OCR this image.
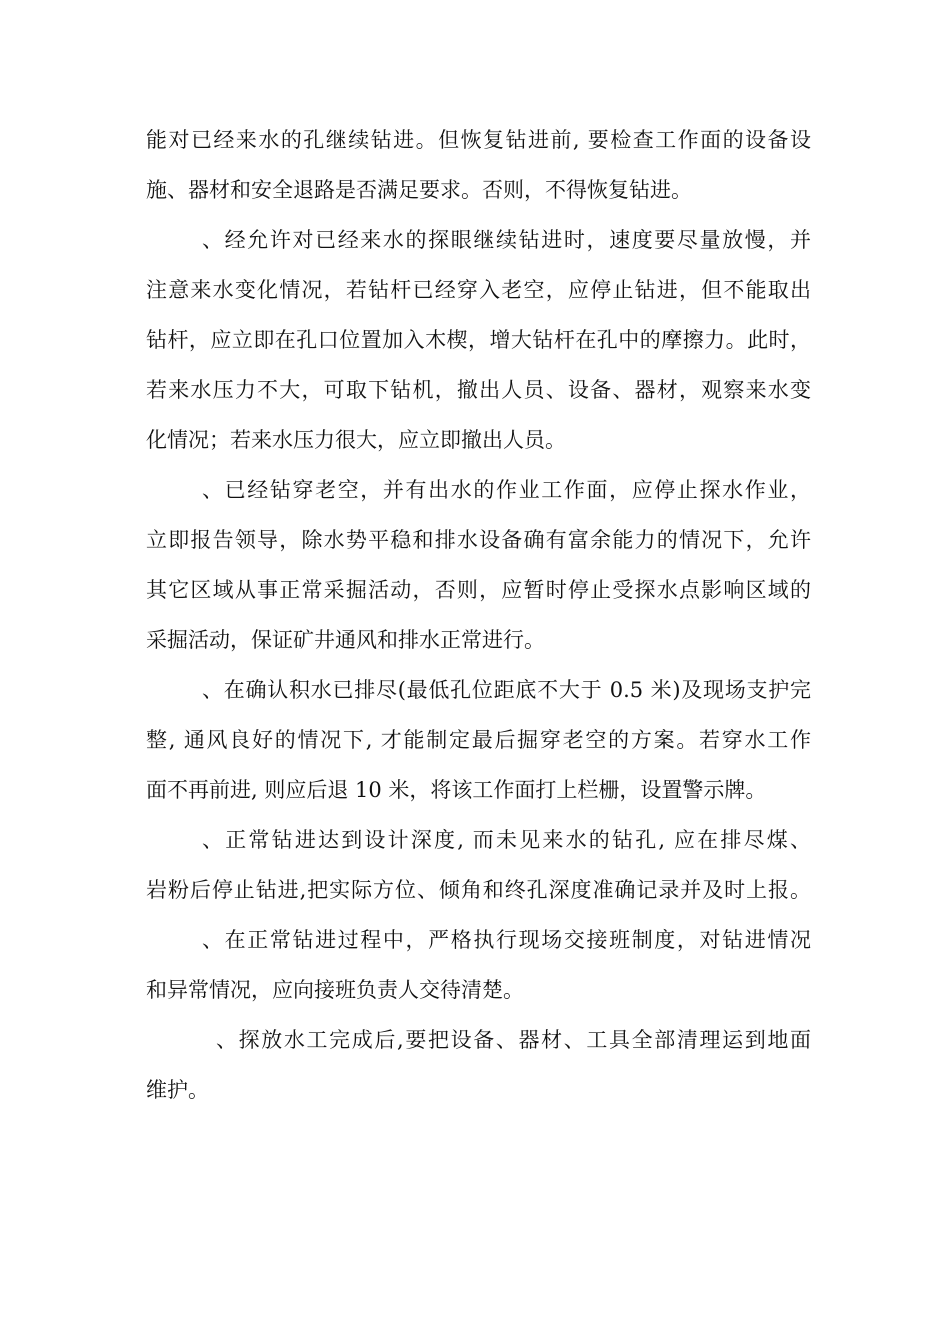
能对已经来水的孔继续钻进。但恢复钻进前, 要检查工作面的设备设
施、器材和安全退路是否满足要求。否则，不得恢复钻进。
、经允许对已经来水的探眼继续钻进时，速度要尽量放慢，并
注意来水变化情况，若钻杆已经穿入老空，应停止钻进，但不能取出
钻杆，应立即在孔口位置加入木楔，增大钻杆在孔中的摩擦力。此时，
若来水压力不大，可取下钻机，撤出人员、设备、器材，观察来水变
化情况；若来水压力很大，应立即撤出人员。
、已经钻穿老空，并有出水的作业工作面，应停止探水作业，
立即报告领导，除水势平稳和排水设备确有富余能力的情况下，允许
其它区域从事正常采掘活动，否则，应暂时停止受探水点影响区域的
采掘活动，保证矿井通风和排水正常进行。
、在确认积水已排尽(最低孔位距底不大于 0.5 米)及现场支护完
整, 通风良好的情况下, 才能制定最后掘穿老空的方案。若穿水工作
面不再前进, 则应后退 10 米，将该工作面打上栏栅，设置警示牌。
、正常钻进达到设计深度, 而未见来水的钻孔, 应在排尽煤、
岩粉后停止钻进,把实际方位、倾角和终孔深度准确记录并及时上报。
、在正常钻进过程中，严格执行现场交接班制度，对钻进情况
和异常情况，应向接班负责人交待清楚。
、探放水工完成后,要把设备、器材、工具全部清理运到地面
维护。
